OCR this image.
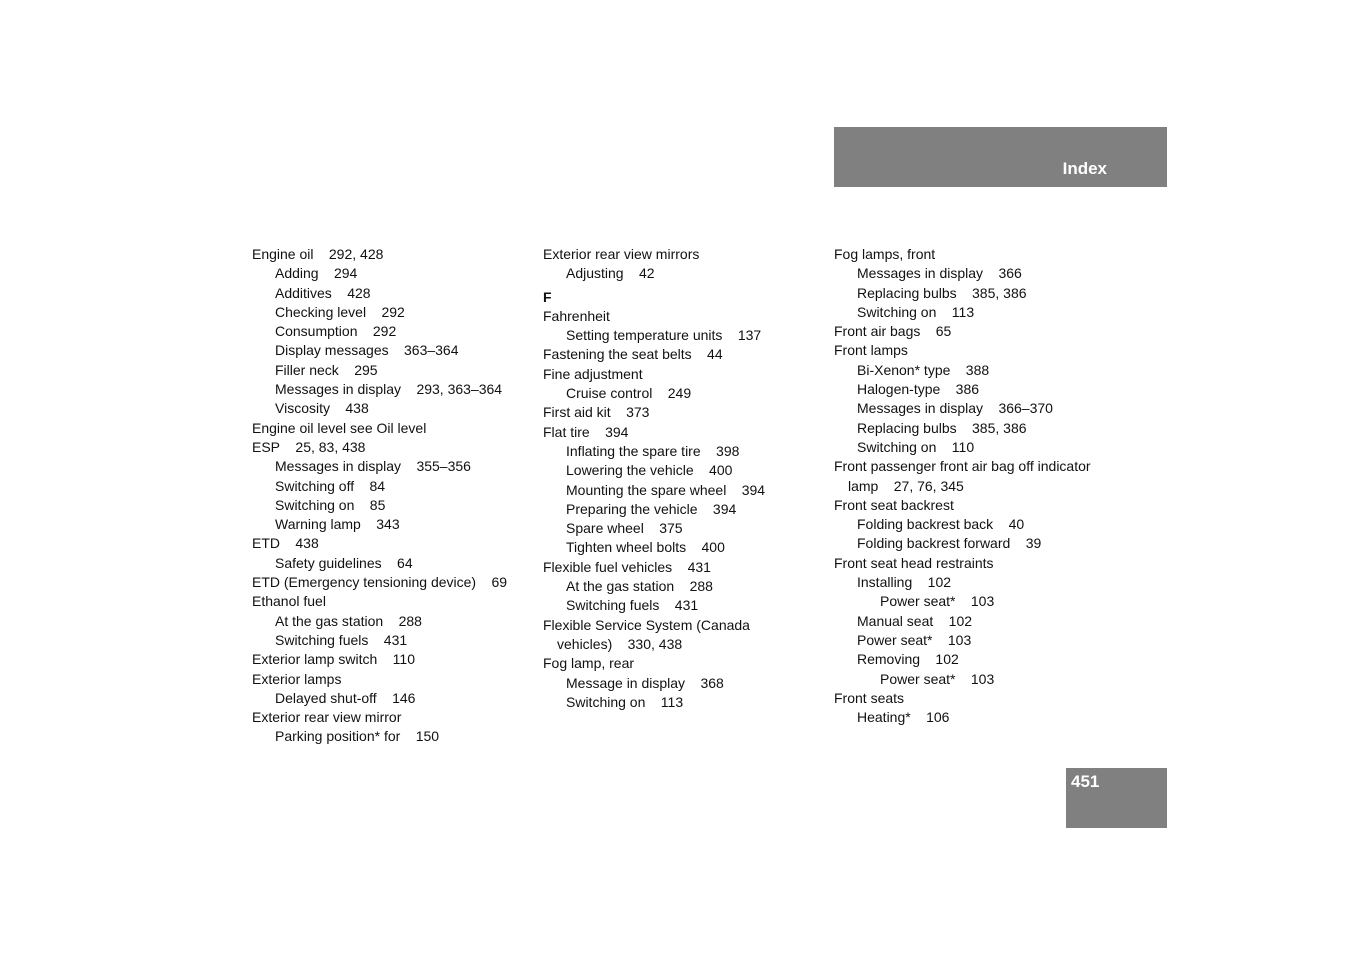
Index
Engine oil 292, 428
Adding 294
Additives 428
Checking level 292
Consumption 292
Display messages 363–364
Filler neck 295
Messages in display 293, 363–364
Viscosity 438
Engine oil level see Oil level
ESP 25, 83, 438
Messages in display 355–356
Switching off 84
Switching on 85
Warning lamp 343
ETD 438
Safety guidelines 64
ETD (Emergency tensioning device) 69
Ethanol fuel
At the gas station 288
Switching fuels 431
Exterior lamp switch 110
Exterior lamps
Delayed shut-off 146
Exterior rear view mirror
Parking position* for 150
Exterior rear view mirrors
Adjusting 42
F
Fahrenheit
Setting temperature units 137
Fastening the seat belts 44
Fine adjustment
Cruise control 249
First aid kit 373
Flat tire 394
Inflating the spare tire 398
Lowering the vehicle 400
Mounting the spare wheel 394
Preparing the vehicle 394
Spare wheel 375
Tighten wheel bolts 400
Flexible fuel vehicles 431
At the gas station 288
Switching fuels 431
Flexible Service System (Canada
vehicles) 330, 438
Fog lamp, rear
Message in display 368
Switching on 113
Fog lamps, front
Messages in display 366
Replacing bulbs 385, 386
Switching on 113
Front air bags 65
Front lamps
Bi-Xenon* type 388
Halogen-type 386
Messages in display 366–370
Replacing bulbs 385, 386
Switching on 110
Front passenger front air bag off indicator
lamp 27, 76, 345
Front seat backrest
Folding backrest back 40
Folding backrest forward 39
Front seat head restraints
Installing 102
Power seat* 103
Manual seat 102
Power seat* 103
Removing 102
Power seat* 103
Front seats
Heating* 106
451
